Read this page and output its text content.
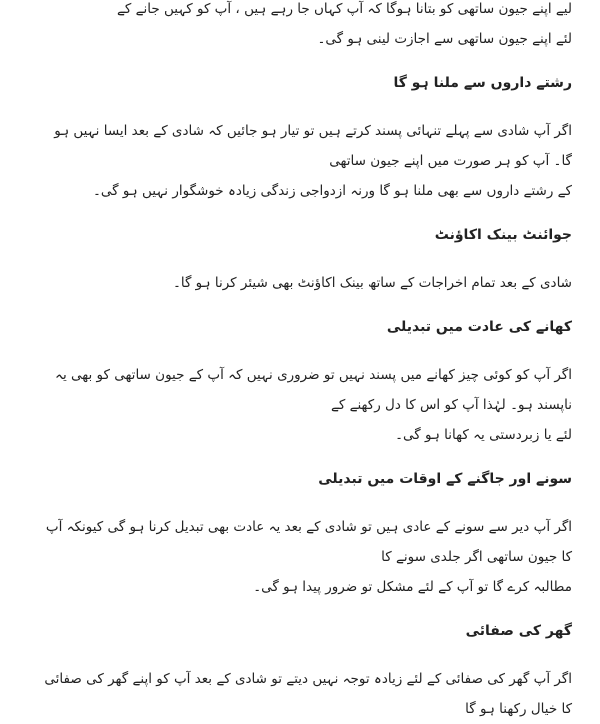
لیے اپنے جیون ساتھی کو بتانا ہوگا کہ آپ کہاں جا رہے ہیں ، آپ کو کہیں جانے کے

لئے اپنے جیون ساتھی سے اجازت لینی ہو گی۔

رشتے داروں سے ملنا ہو گا

اگر آپ شادی سے پہلے تنہائی پسند کرتے ہیں تو تیار ہو جائیں کہ شادی کے بعد ایسا نہیں ہو گا۔ آپ کو ہر صورت میں اپنے جیون ساتھی

کے رشتے داروں سے بھی ملنا ہو گا ورنہ ازدواجی زندگی زیادہ خوشگوار نہیں ہو گی۔

جوائنٹ بینک اکاؤنٹ

شادی کے بعد تمام اخراجات کے ساتھ بینک اکاؤنٹ بھی شیئر کرنا ہو گا۔

کھانے کی عادت میں تبدیلی

اگر آپ کو کوئی چیز کھانے میں پسند نہیں تو ضروری نہیں کہ آپ کے جیون ساتھی کو بھی یہ ناپسند ہو۔ لہٰذا آپ کو اس کا دل رکھنے کے

لئے یا زبردستی یہ کھانا ہو گی۔

سونے اور جاگنے کے اوقات میں تبدیلی

اگر آپ دیر سے سونے کے عادی ہیں تو شادی کے بعد یہ عادت بھی تبدیل کرنا ہو گی کیونکہ آپ کا جیون ساتھی اگر جلدی سونے کا

مطالبہ کرے گا تو آپ کے لئے مشکل تو ضرور پیدا ہو گی۔

گھر کی صفائی

اگر آپ گھر کی صفائی کے لئے زیادہ توجہ نہیں دیتے تو شادی کے بعد آپ کو اپنے گھر کی صفائی کا خیال رکھنا ہو گا
